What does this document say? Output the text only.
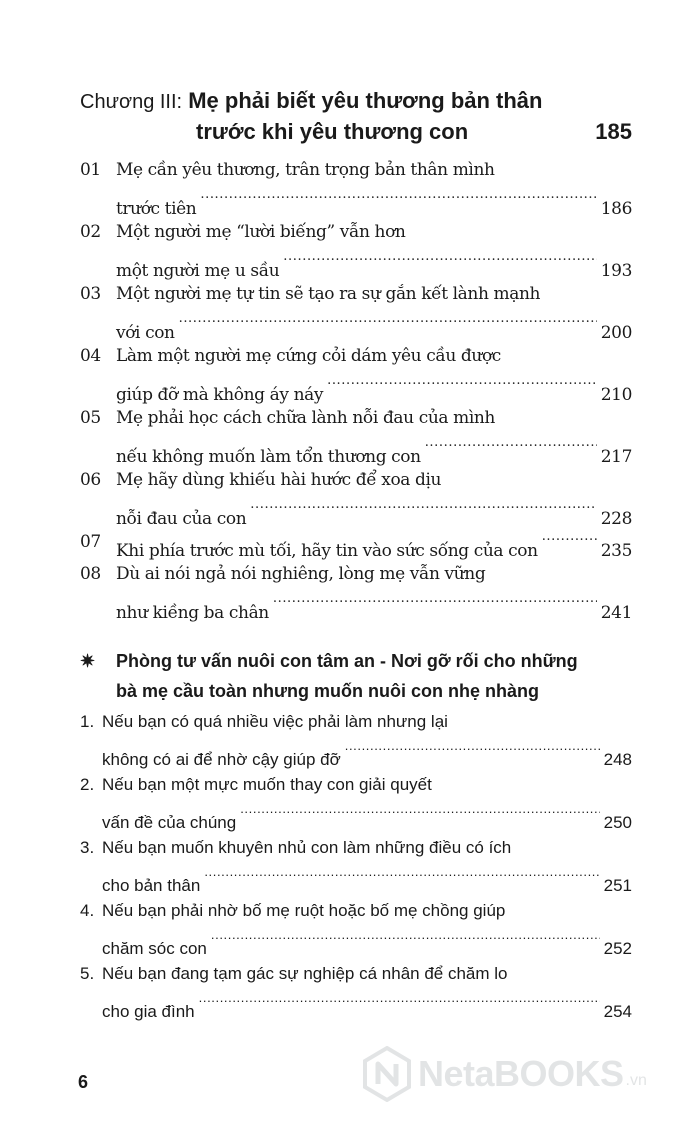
Chương III: Mẹ phải biết yêu thương bản thân
trước khi yêu thương con	185
01 Mẹ cần yêu thương, trân trọng bản thân mình
trước tiên .....	186
02 Một người mẹ “lười biếng” vẫn hơn
một người mẹ u sầu .....	193
03 Một người mẹ tự tin sẽ tạo ra sự gắn kết lành mạnh
với con .....	200
04 Làm một người mẹ cứng cỏi dám yêu cầu được
giúp đỡ mà không áy náy .....	210
05 Mẹ phải học cách chữa lành nỗi đau của mình
nếu không muốn làm tổn thương con .....	217
06 Mẹ hãy dùng khiếu hài hước để xoa dịu
nỗi đau của con .....	228
07 Khi phía trước mù tối, hãy tin vào sức sống của con .....	235
08 Dù ai nói ngả nói nghiêng, lòng mẹ vẫn vững
như kiềng ba chân .....	241
✷ Phòng tư vấn nuôi con tâm an - Nơi gỡ rối cho những
bà mẹ cầu toàn nhưng muốn nuôi con nhẹ nhàng
1. Nếu bạn có quá nhiều việc phải làm nhưng lại
không có ai để nhờ cậy giúp đỡ .....	248
2. Nếu bạn một mực muốn thay con giải quyết
vấn đề của chúng .....	250
3. Nếu bạn muốn khuyên nhủ con làm những điều có ích
cho bản thân .....	251
4. Nếu bạn phải nhờ bố mẹ ruột hoặc bố mẹ chồng giúp
chăm sóc con .....	252
5. Nếu bạn đang tạm gác sự nghiệp cá nhân để chăm lo
cho gia đình .....	254
6	NetaBOOKS .vn
